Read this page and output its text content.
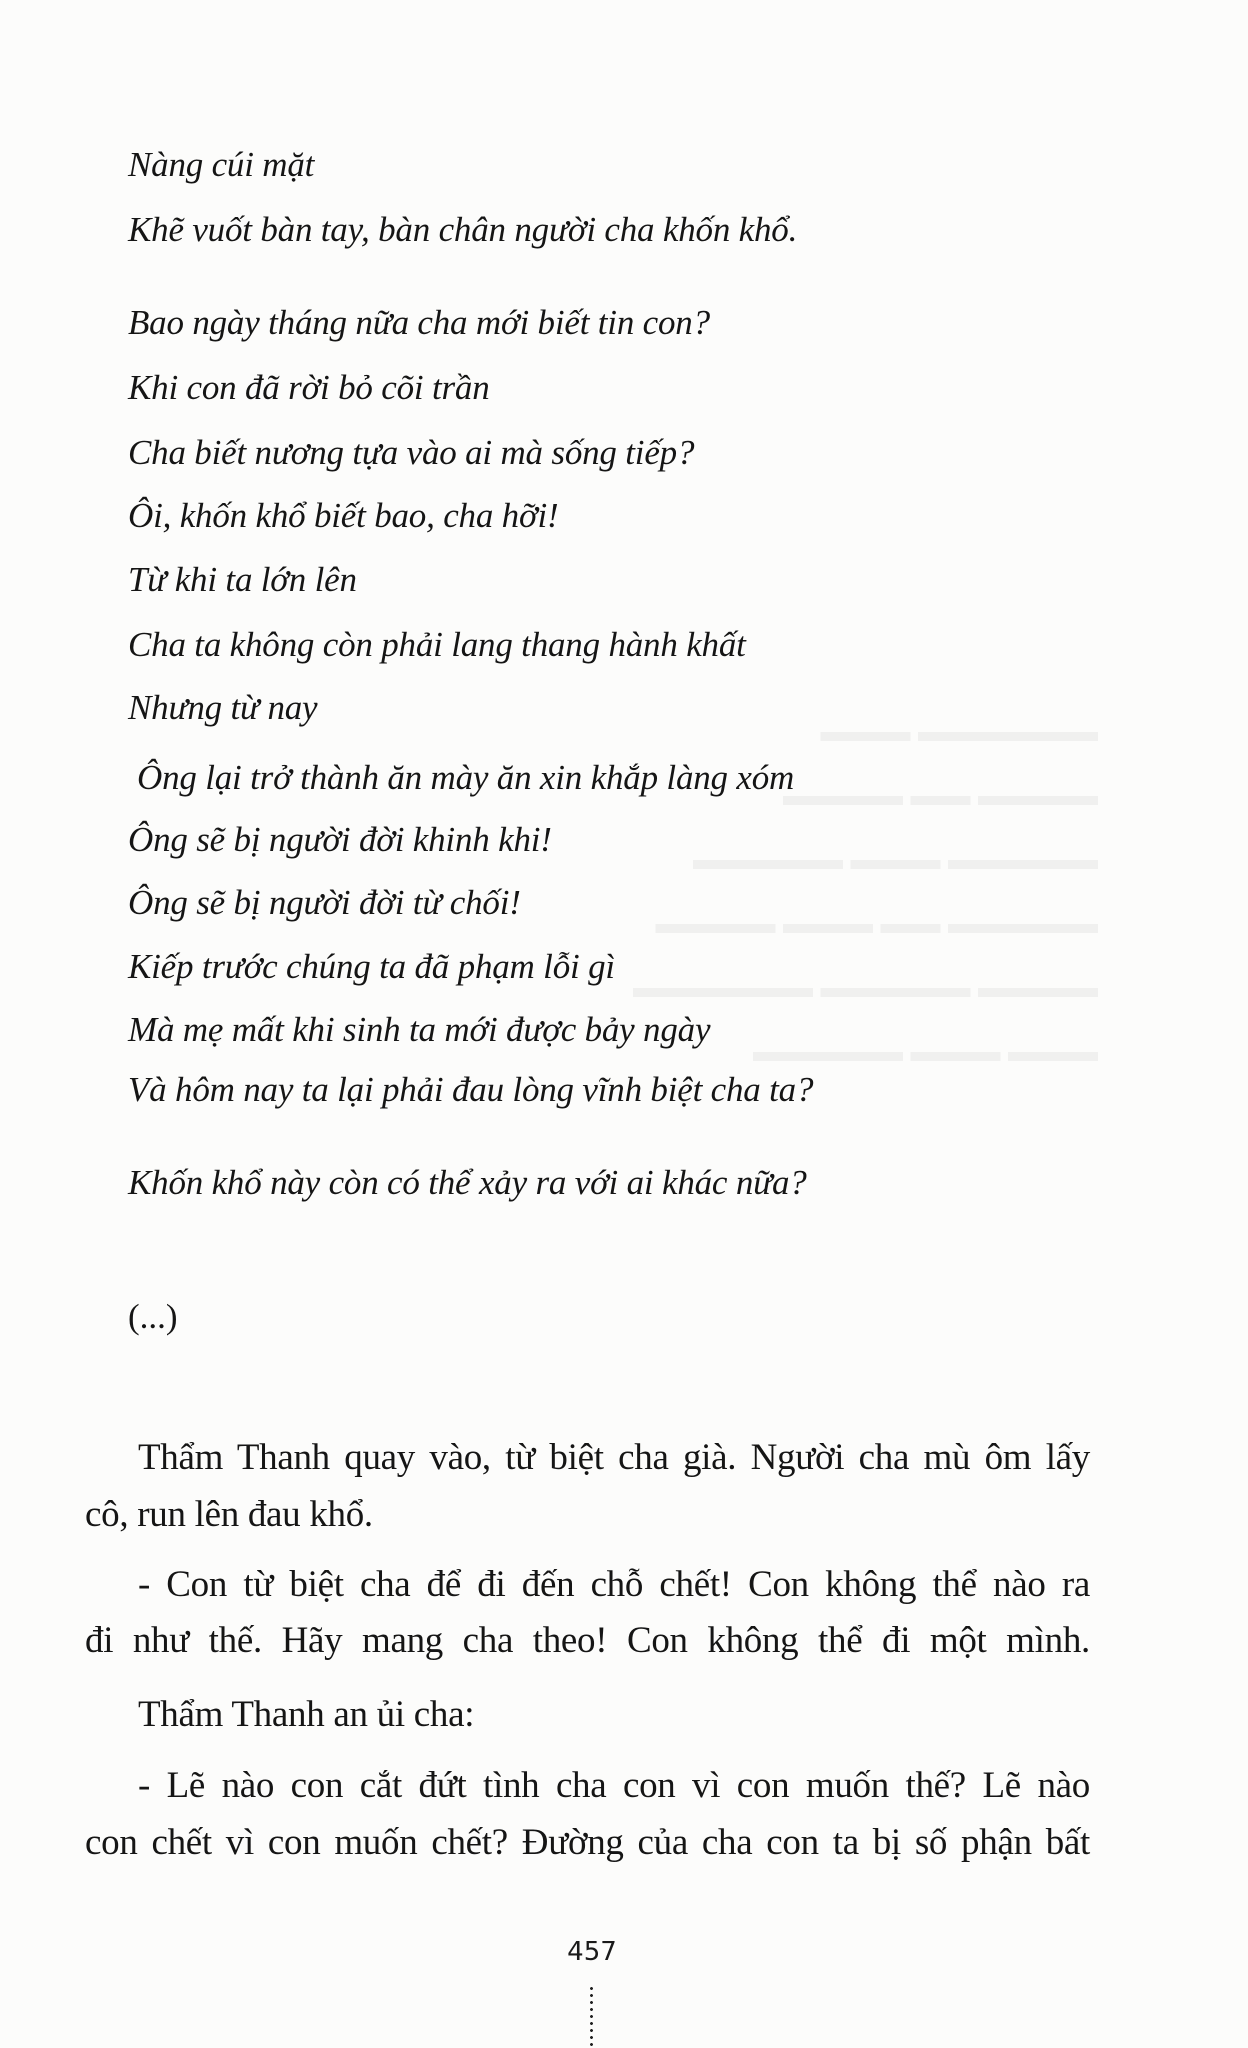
Nàng cúi mặt
Khẽ vuốt bàn tay, bàn chân người cha khốn khổ.
Bao ngày tháng nữa cha mới biết tin con?
Khi con đã rời bỏ cõi trần
Cha biết nương tựa vào ai mà sống tiếp?
Ôi, khốn khổ biết bao, cha hỡi!
Từ khi ta lớn lên
Cha ta không còn phải lang thang hành khất
Nhưng từ nay
Ông lại trở thành ăn mày ăn xin khắp làng xóm
Ông sẽ bị người đời khinh khi!
Ông sẽ bị người đời từ chối!
Kiếp trước chúng ta đã phạm lỗi gì
Mà mẹ mất khi sinh ta mới được bảy ngày
Và hôm nay ta lại phải đau lòng vĩnh biệt cha ta?
Khốn khổ này còn có thể xảy ra với ai khác nữa?
(...)
Thẩm Thanh quay vào, từ biệt cha già. Người cha mù ôm lấy
cô, run lên đau khổ.
- Con từ biệt cha để đi đến chỗ chết! Con không thể nào ra
đi như thế. Hãy mang cha theo! Con không thể đi một mình.
Thẩm Thanh an ủi cha:
- Lẽ nào con cắt đứt tình cha con vì con muốn thế? Lẽ nào
con chết vì con muốn chết? Đường của cha con ta bị số phận bất
457
